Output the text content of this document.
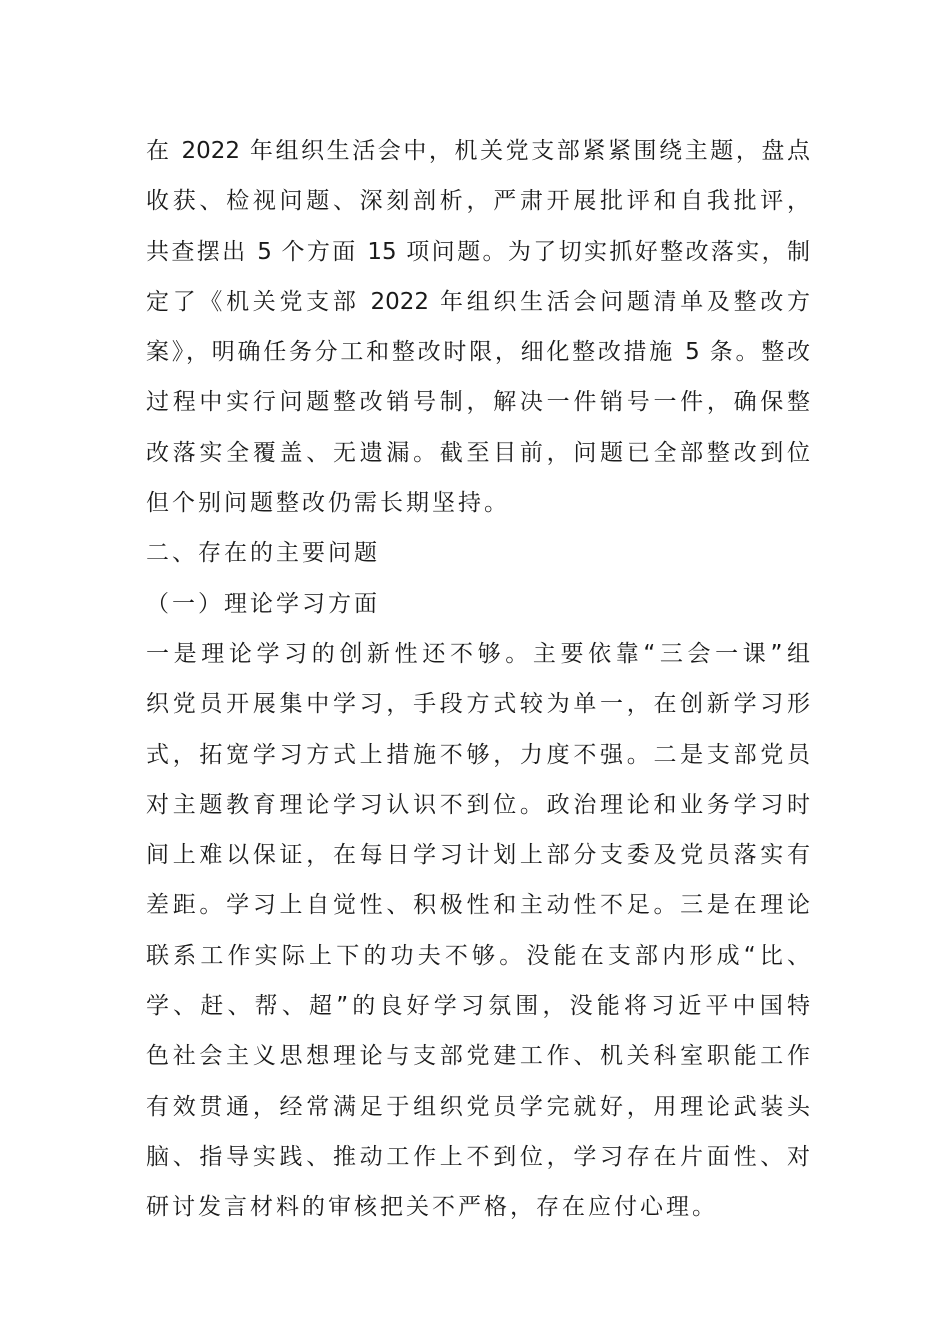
在 2022 年组织生活会中，机关党支部紧紧围绕主题，盘点
收获、检视问题、深刻剖析，严肃开展批评和自我批评，
共查摆出 5 个方面 15 项问题。为了切实抓好整改落实，制
定了《机关党支部 2022 年组织生活会问题清单及整改方
案》，明确任务分工和整改时限，细化整改措施 5 条。整改
过程中实行问题整改销号制，解决一件销号一件，确保整
改落实全覆盖、无遗漏。截至目前，问题已全部整改到位
但个别问题整改仍需长期坚持。
二、存在的主要问题
（一）理论学习方面
一是理论学习的创新性还不够。主要依靠“三会一课”组
织党员开展集中学习，手段方式较为单一，在创新学习形
式，拓宽学习方式上措施不够，力度不强。二是支部党员
对主题教育理论学习认识不到位。政治理论和业务学习时
间上难以保证，在每日学习计划上部分支委及党员落实有
差距。学习上自觉性、积极性和主动性不足。三是在理论
联系工作实际上下的功夫不够。没能在支部内形成“比、
学、赶、帮、超”的良好学习氛围，没能将习近平中国特
色社会主义思想理论与支部党建工作、机关科室职能工作
有效贯通，经常满足于组织党员学完就好，用理论武装头
脑、指导实践、推动工作上不到位，学习存在片面性、对
研讨发言材料的审核把关不严格，存在应付心理。
